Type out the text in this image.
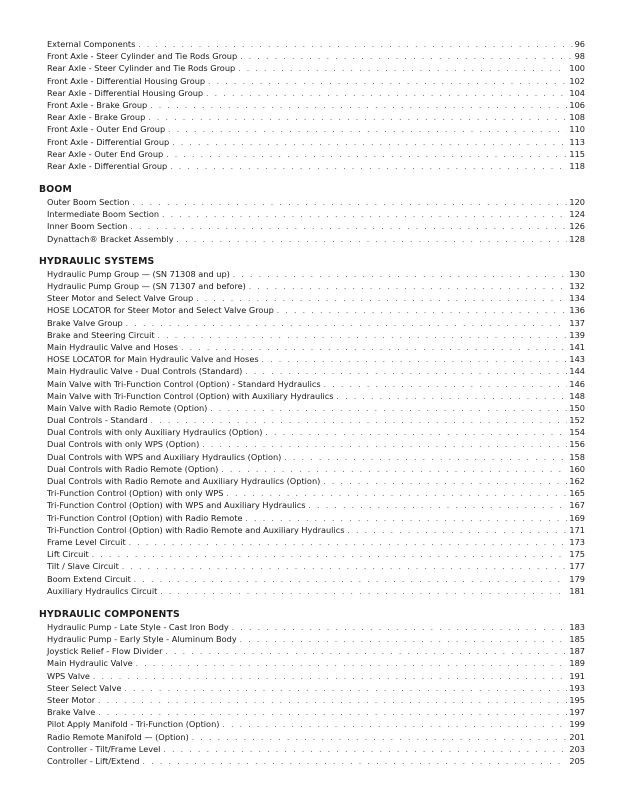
External Components . . .	96
Front Axle - Steer Cylinder and Tie Rods Group . . .	98
Rear Axle - Steer Cylinder and Tie Rods Group . . .	100
Front Axle - Differential Housing Group . . .	102
Rear Axle - Differential Housing Group . . .	104
Front Axle - Brake Group . . .	106
Rear Axle - Brake Group . . .	108
Front Axle - Outer End Group . . .	110
Front Axle - Differential Group . . .	113
Rear Axle - Outer End Group . . .	115
Rear Axle - Differential Group . . .	118
BOOM
Outer Boom Section . . .	120
Intermediate Boom Section . . .	124
Inner Boom Section . . .	126
Dynattach® Bracket Assembly . . .	128
HYDRAULIC SYSTEMS
Hydraulic Pump Group — (SN 71308 and up) . . .	130
Hydraulic Pump Group — (SN 71307 and before) . . .	132
Steer Motor and Select Valve Group . . .	134
HOSE LOCATOR for Steer Motor and Select Valve Group . . .	136
Brake Valve Group . . .	137
Brake and Steering Circuit . . .	139
Main Hydraulic Valve and Hoses . . .	141
HOSE LOCATOR for Main Hydraulic Valve and Hoses . . .	143
Main Hydraulic Valve - Dual Controls (Standard) . . .	144
Main Valve with Tri-Function Control (Option) - Standard Hydraulics . . .	146
Main Valve with Tri-Function Control (Option) with Auxiliary Hydraulics . . .	148
Main Valve with Radio Remote (Option) . . .	150
Dual Controls - Standard . . .	152
Dual Controls with only Auxiliary Hydraulics (Option) . . .	154
Dual Controls with only WPS (Option) . . .	156
Dual Controls with WPS and Auxiliary Hydraulics (Option) . . .	158
Dual Controls with Radio Remote (Option) . . .	160
Dual Controls with Radio Remote and Auxiliary Hydraulics (Option) . . .	162
Tri-Function Control (Option) with only WPS . . .	165
Tri-Function Control (Option) with WPS and Auxiliary Hydraulics . . .	167
Tri-Function Control (Option) with Radio Remote . . .	169
Tri-Function Control (Option) with Radio Remote and Auxiliary Hydraulics . . .	171
Frame Level Circuit . . .	173
Lift Circuit . . .	175
Tilt / Slave Circuit . . .	177
Boom Extend Circuit . . .	179
Auxiliary Hydraulics Circuit . . .	181
HYDRAULIC COMPONENTS
Hydraulic Pump - Late Style - Cast Iron Body . . .	183
Hydraulic Pump - Early Style - Aluminum Body . . .	185
Joystick Relief - Flow Divider . . .	187
Main Hydraulic Valve . . .	189
WPS Valve . . .	191
Steer Select Valve . . .	193
Steer Motor . . .	195
Brake Valve . . .	197
Pilot Apply Manifold - Tri-Function (Option) . . .	199
Radio Remote Manifold — (Option) . . .	201
Controller - Tilt/Frame Level . . .	203
Controller - Lift/Extend . . .	205
